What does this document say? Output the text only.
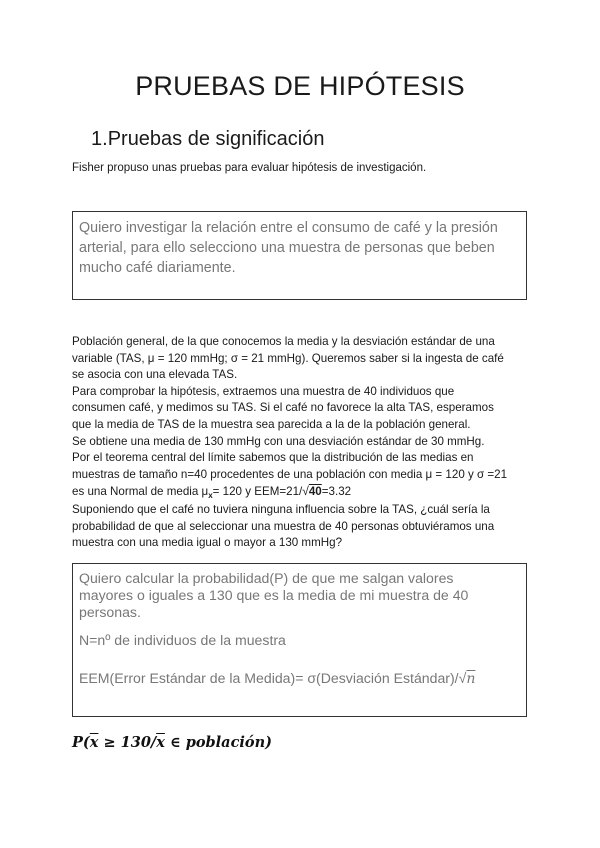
PRUEBAS DE HIPÓTESIS
1.Pruebas de significación

Fisher propuso unas pruebas para evaluar hipótesis de investigación.

Quiero investigar la relación entre el consumo de café y la presión

arterial, para ello selecciono una muestra de personas que beben

mucho café diariamente.

Población general, de la que conocemos la media y la desviación estándar de una
variable (TAS, μ = 120 mmHg; σ = 21 mmHg). Queremos saber si la ingesta de café
se asocia con una elevada TAS.
Para comprobar la hipótesis, extraemos una muestra de 40 individuos que
consumen café, y medimos su TAS. Si el café no favorece la alta TAS, esperamos
que la media de TAS de la muestra sea parecida a la de la población general.
Se obtiene una media de 130 mmHg con una desviación estándar de 30 mmHg.
Por el teorema central del límite sabemos que la distribución de las medias en
muestras de tamaño n=40 procedentes de una población con media μ = 120 y σ =21
es una Normal de media $\mu_x= 120$ y EEM=21/√40=3.32
Suponiendo que el café no tuviera ninguna influencia sobre la TAS, ¿cuál sería la
probabilidad de que al seleccionar una muestra de 40 personas obtuviéramos una
muestra con una media igual o mayor a 130 mmHg?

Quiero calcular la probabilidad(P) de que me salgan valores

mayores o iguales a 130 que es la media de mi muestra de 40

personas.

N=nº de individuos de la muestra

EEM(Error Estándar de la Medida)= σ(Desviación Estándar)/√n

$P(\overline{x} \ge 130/\overline{x}$ ∈ población)
